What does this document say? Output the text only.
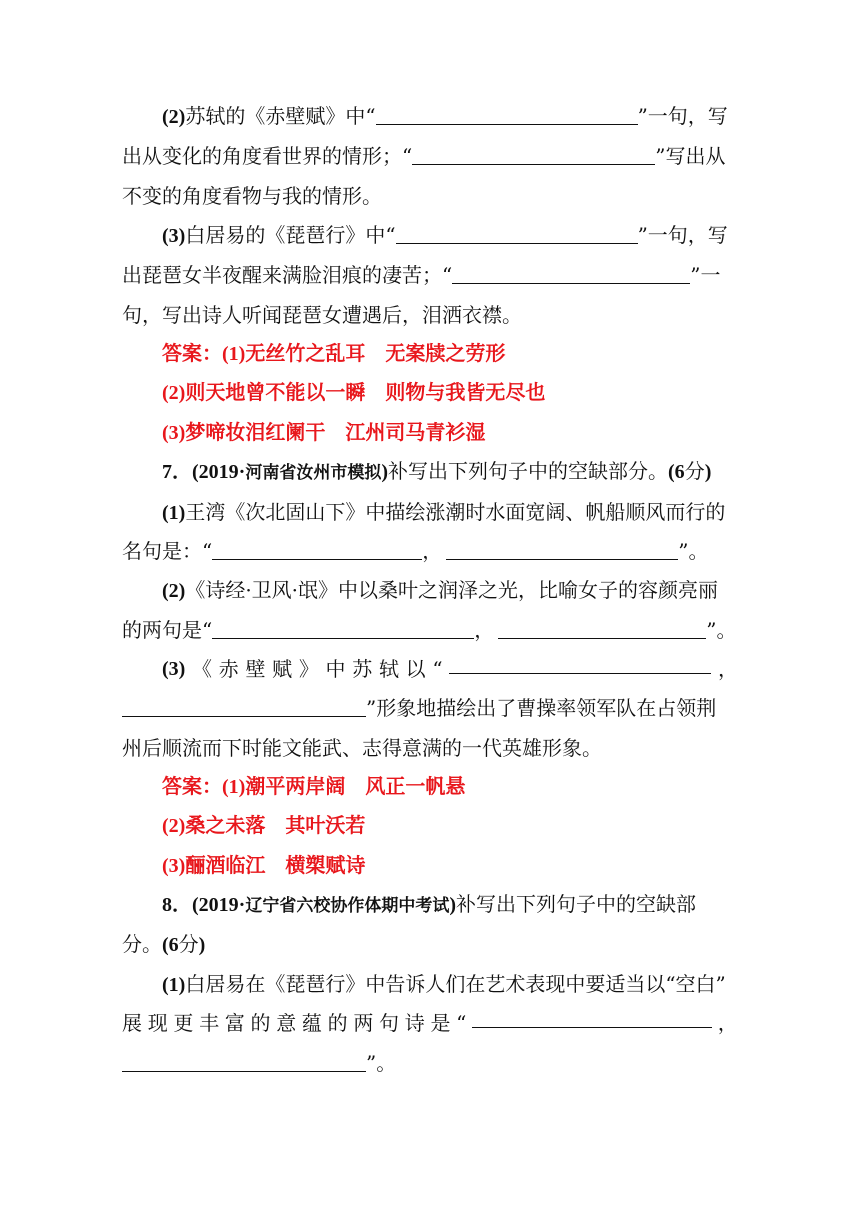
(2)苏轼的《赤壁赋》中“	”一句，写
出从变化的角度看世界的情形；“	”写出从
不变的角度看物与我的情形。
(3)白居易的《琵琶行》中“	”一句，写
出琵琶女半夜醒来满脸泪痕的凄苦；“	”一
句，写出诗人听闻琵琶女遭遇后，泪洒衣襟。
答案：(1)无丝竹之乱耳　无案牍之劳形
(2)则天地曾不能以一瞬　则物与我皆无尽也
(3)梦啼妆泪红阑干　江州司马青衫湿
7．(2019·河南省汝州市模拟)补写出下列句子中的空缺部分。(6分)
(1)王湾《次北固山下》中描绘涨潮时水面宽阔、帆船顺风而行的
名句是：“	，	”。
(2)《诗经·卫风·氓》中以桑叶之润泽之光，比喻女子的容颜亮丽
的两句是“	，	”。
(3) 《 赤 壁 赋 》 中 苏 轼 以 “	，
”形象地描绘出了曹操率领军队在占领荆
州后顺流而下时能文能武、志得意满的一代英雄形象。
答案：(1)潮平两岸阔　风正一帆悬
(2)桑之未落　其叶沃若
(3)酾酒临江　横槊赋诗
8．(2019·辽宁省六校协作体期中考试)补写出下列句子中的空缺部
分。(6分)
(1)白居易在《琵琶行》中告诉人们在艺术表现中要适当以“空白”
展 现 更 丰 富 的 意 蕴 的 两 句 诗 是 “	，
”。
